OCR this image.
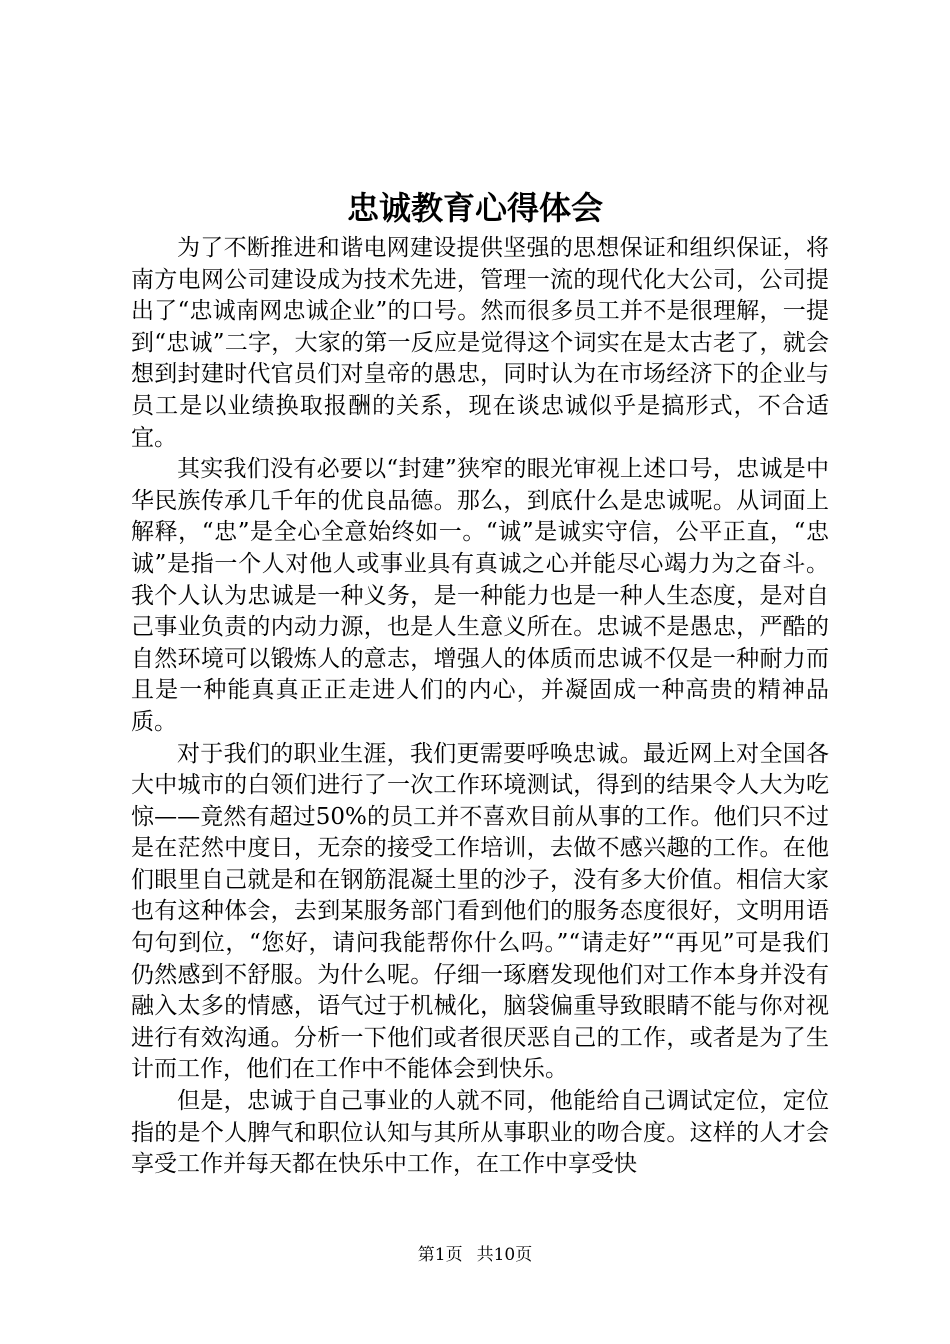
忠诚教育心得体会

为了不断推进和谐电网建设提供坚强的思想保证和组织保证，将南方电网公司建设成为技术先进，管理一流的现代化大公司，公司提出了“忠诚南网忠诚企业”的口号。然而很多员工并不是很理解，一提到“忠诚”二字，大家的第一反应是觉得这个词实在是太古老了，就会想到封建时代官员们对皇帝的愚忠，同时认为在市场经济下的企业与员工是以业绩换取报酬的关系，现在谈忠诚似乎是搞形式，不合适宜。

其实我们没有必要以“封建”狭窄的眼光审视上述口号，忠诚是中华民族传承几千年的优良品德。那么，到底什么是忠诚呢。从词面上解释，“忠”是全心全意始终如一。“诚”是诚实守信，公平正直，“忠诚”是指一个人对他人或事业具有真诚之心并能尽心竭力为之奋斗。我个人认为忠诚是一种义务，是一种能力也是一种人生态度，是对自己事业负责的内动力源，也是人生意义所在。忠诚不是愚忠，严酷的自然环境可以锻炼人的意志，增强人的体质而忠诚不仅是一种耐力而且是一种能真真正正走进人们的内心，并凝固成一种高贵的精神品质。

对于我们的职业生涯，我们更需要呼唤忠诚。最近网上对全国各大中城市的白领们进行了一次工作环境测试，得到的结果令人大为吃惊——竟然有超过50%的员工并不喜欢目前从事的工作。他们只不过是在茫然中度日，无奈的接受工作培训，去做不感兴趣的工作。在他们眼里自己就是和在钢筋混凝土里的沙子，没有多大价值。相信大家也有这种体会，去到某服务部门看到他们的服务态度很好，文明用语句句到位，“您好，请问我能帮你什么吗。”“请走好”“再见”可是我们仍然感到不舒服。为什么呢。仔细一琢磨发现他们对工作本身并没有融入太多的情感，语气过于机械化，脑袋偏重导致眼睛不能与你对视进行有效沟通。分析一下他们或者很厌恶自己的工作，或者是为了生计而工作，他们在工作中不能体会到快乐。

但是，忠诚于自己事业的人就不同，他能给自己调试定位，定位指的是个人脾气和职位认知与其所从事职业的吻合度。这样的人才会享受工作并每天都在快乐中工作，在工作中享受快

第1页 共10页
